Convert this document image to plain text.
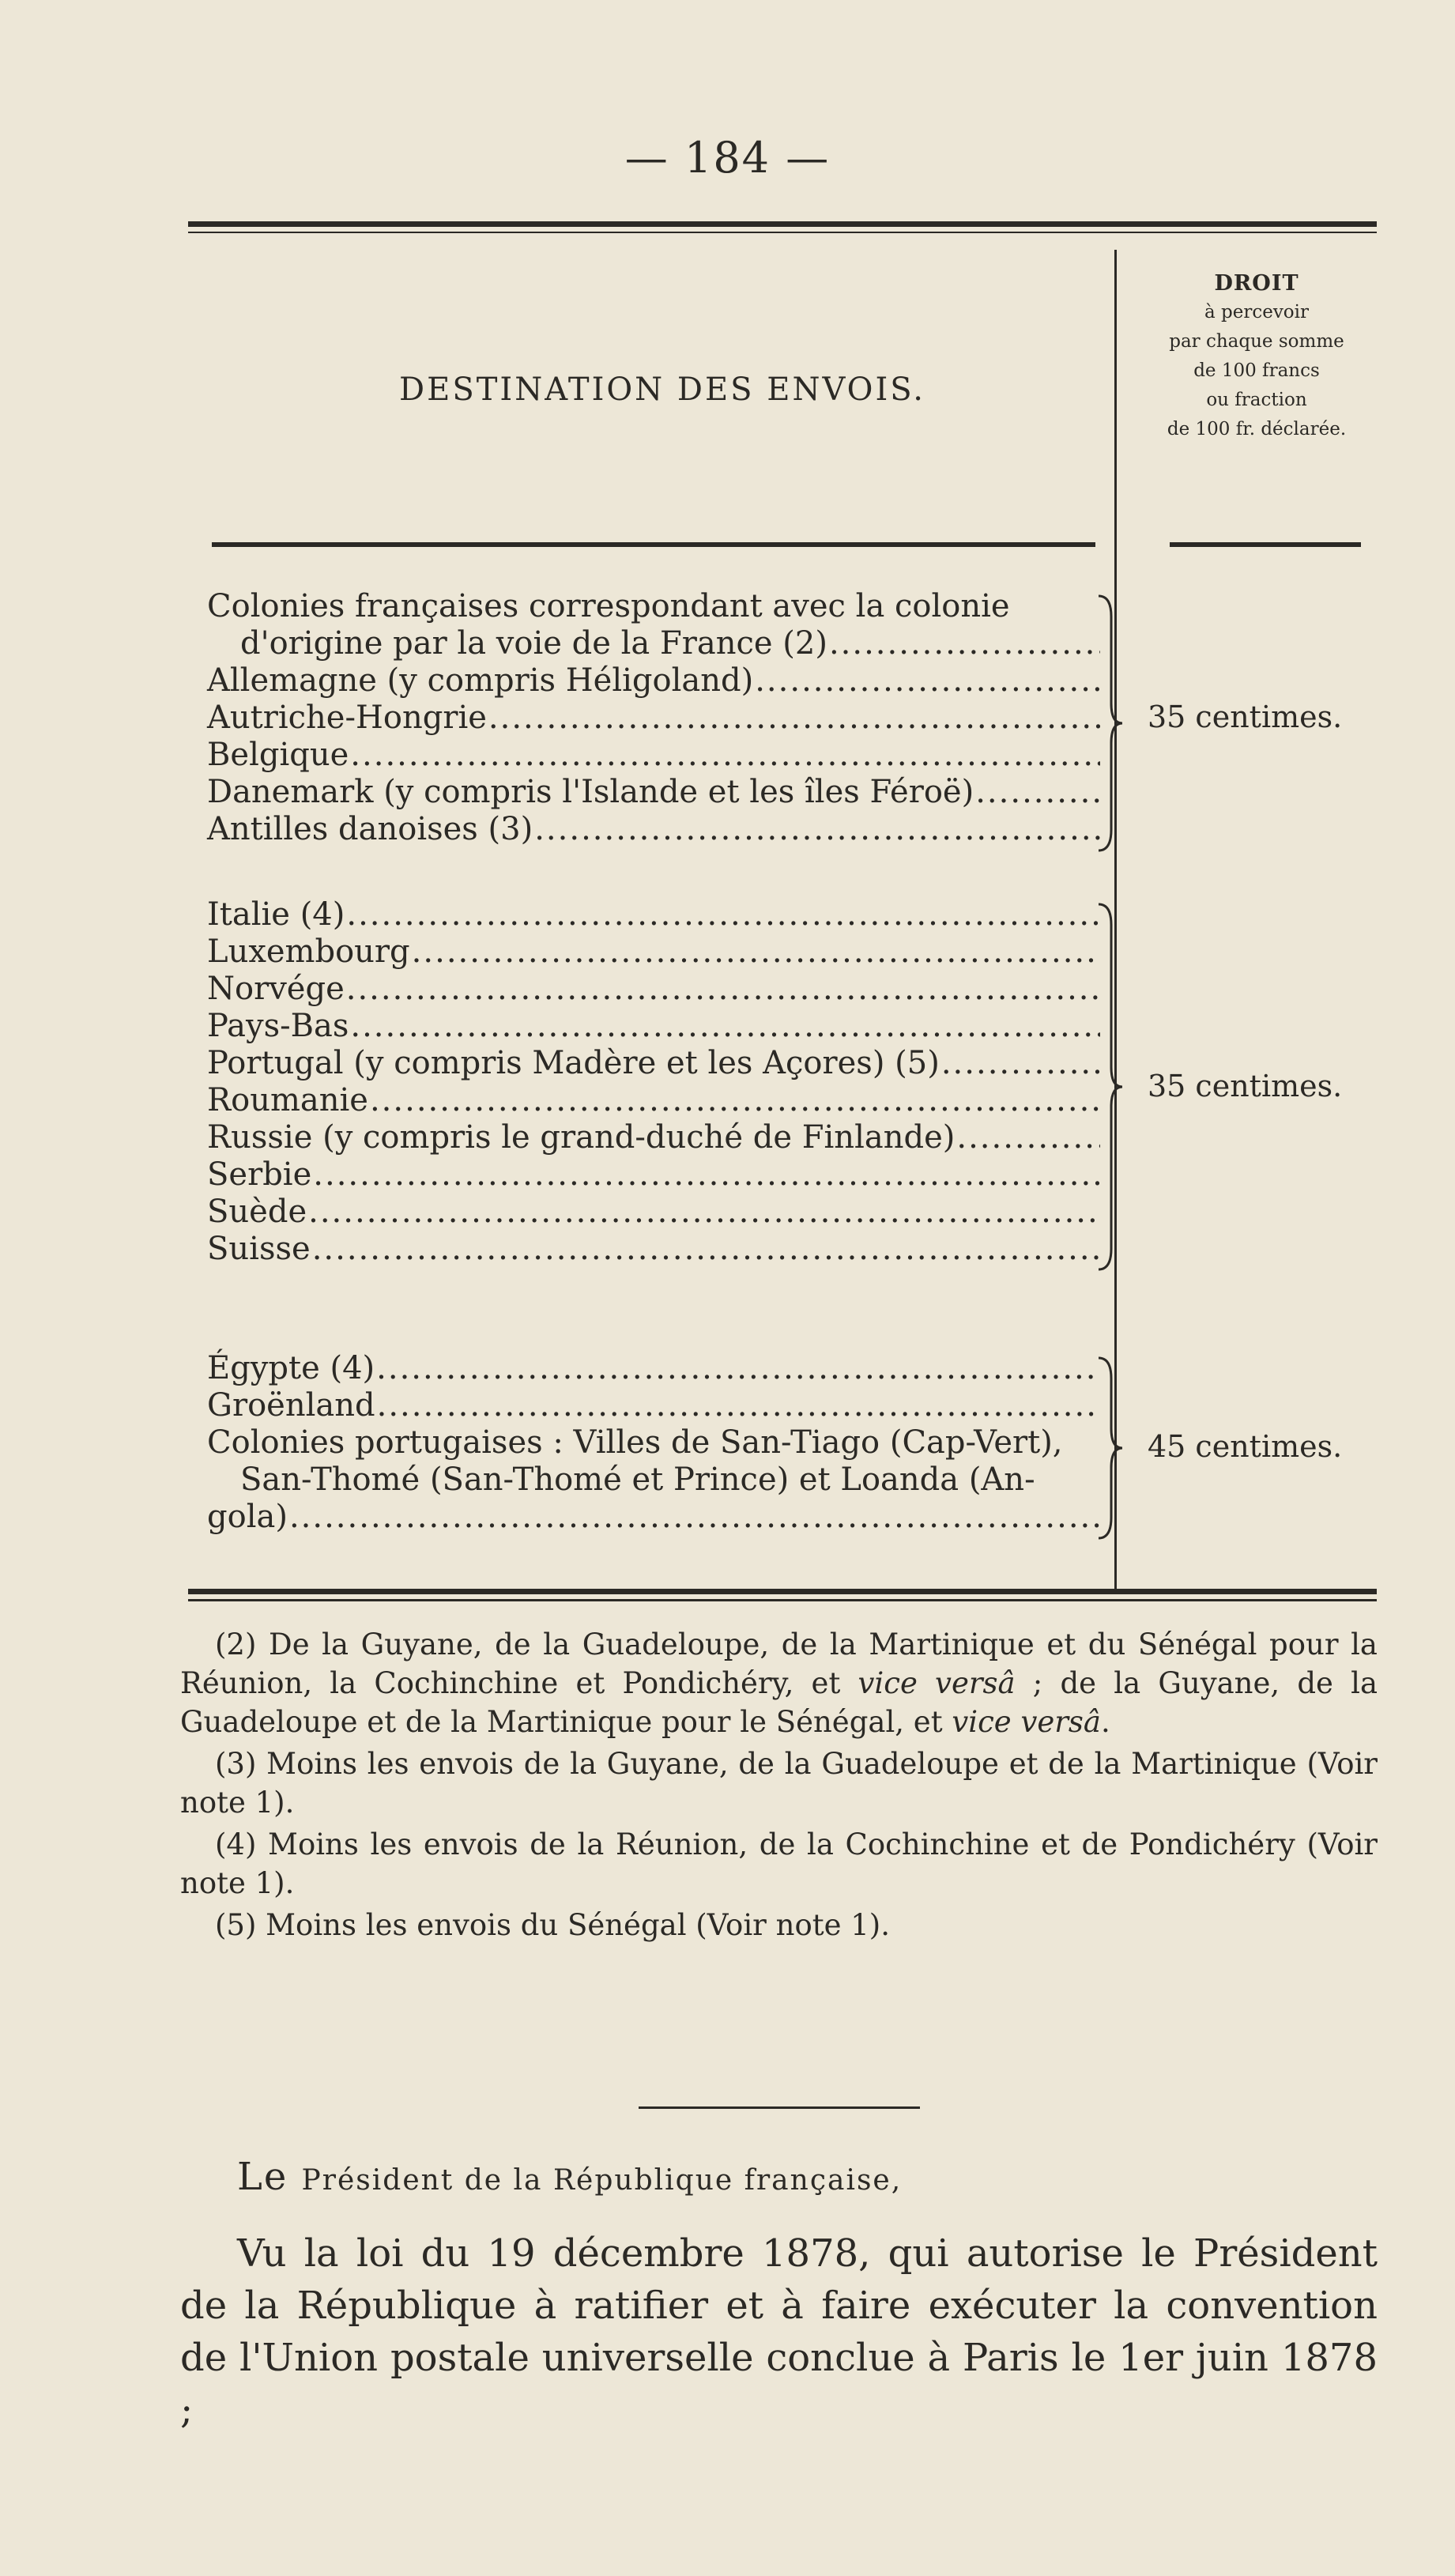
— 184 —
DESTINATION DES ENVOIS.
DROIT
à percevoir
par chaque somme
de 100 francs
ou fraction
de 100 fr. déclarée.
Colonies françaises correspondant avec la colonie
d'origine par la voie de la France (2)
.....
Allemagne (y compris Héligoland)
.....
Autriche-Hongrie
.....
Belgique
.....
Danemark (y compris l'Islande et les îles Féroë)
.....
Antilles danoises (3)
.....
35 centimes.
Italie (4)
.....
Luxembourg
.....
Norvége
.....
Pays-Bas
.....
Portugal (y compris Madère et les Açores) (5)
.....
Roumanie
.....
Russie (y compris le grand-duché de Finlande)
.....
Serbie
.....
Suède
.....
Suisse
.....
35 centimes.
Égypte (4)
.....
Groënland
.....
Colonies portugaises : Villes de San-Tiago (Cap-Vert),
San-Thomé (San-Thomé et Prince) et Loanda (An-
gola)
.....
45 centimes.

(2) De la Guyane, de la Guadeloupe, de la Martinique et du Sénégal pour la Réunion, la Cochinchine et Pondichéry, et vice versâ ; de la Guyane, de la Guadeloupe et de la Martinique pour le Sénégal, et vice versâ.

(3) Moins les envois de la Guyane, de la Guadeloupe et de la Martinique (Voir note 1).

(4) Moins les envois de la Réunion, de la Cochinchine et de Pondichéry (Voir note 1).

(5) Moins les envois du Sénégal (Voir note 1).

Le Président de la République française,

Vu la loi du 19 décembre 1878, qui autorise le Président de la République à ratifier et à faire exécuter la convention de l'Union postale universelle conclue à Paris le 1er juin 1878 ;
